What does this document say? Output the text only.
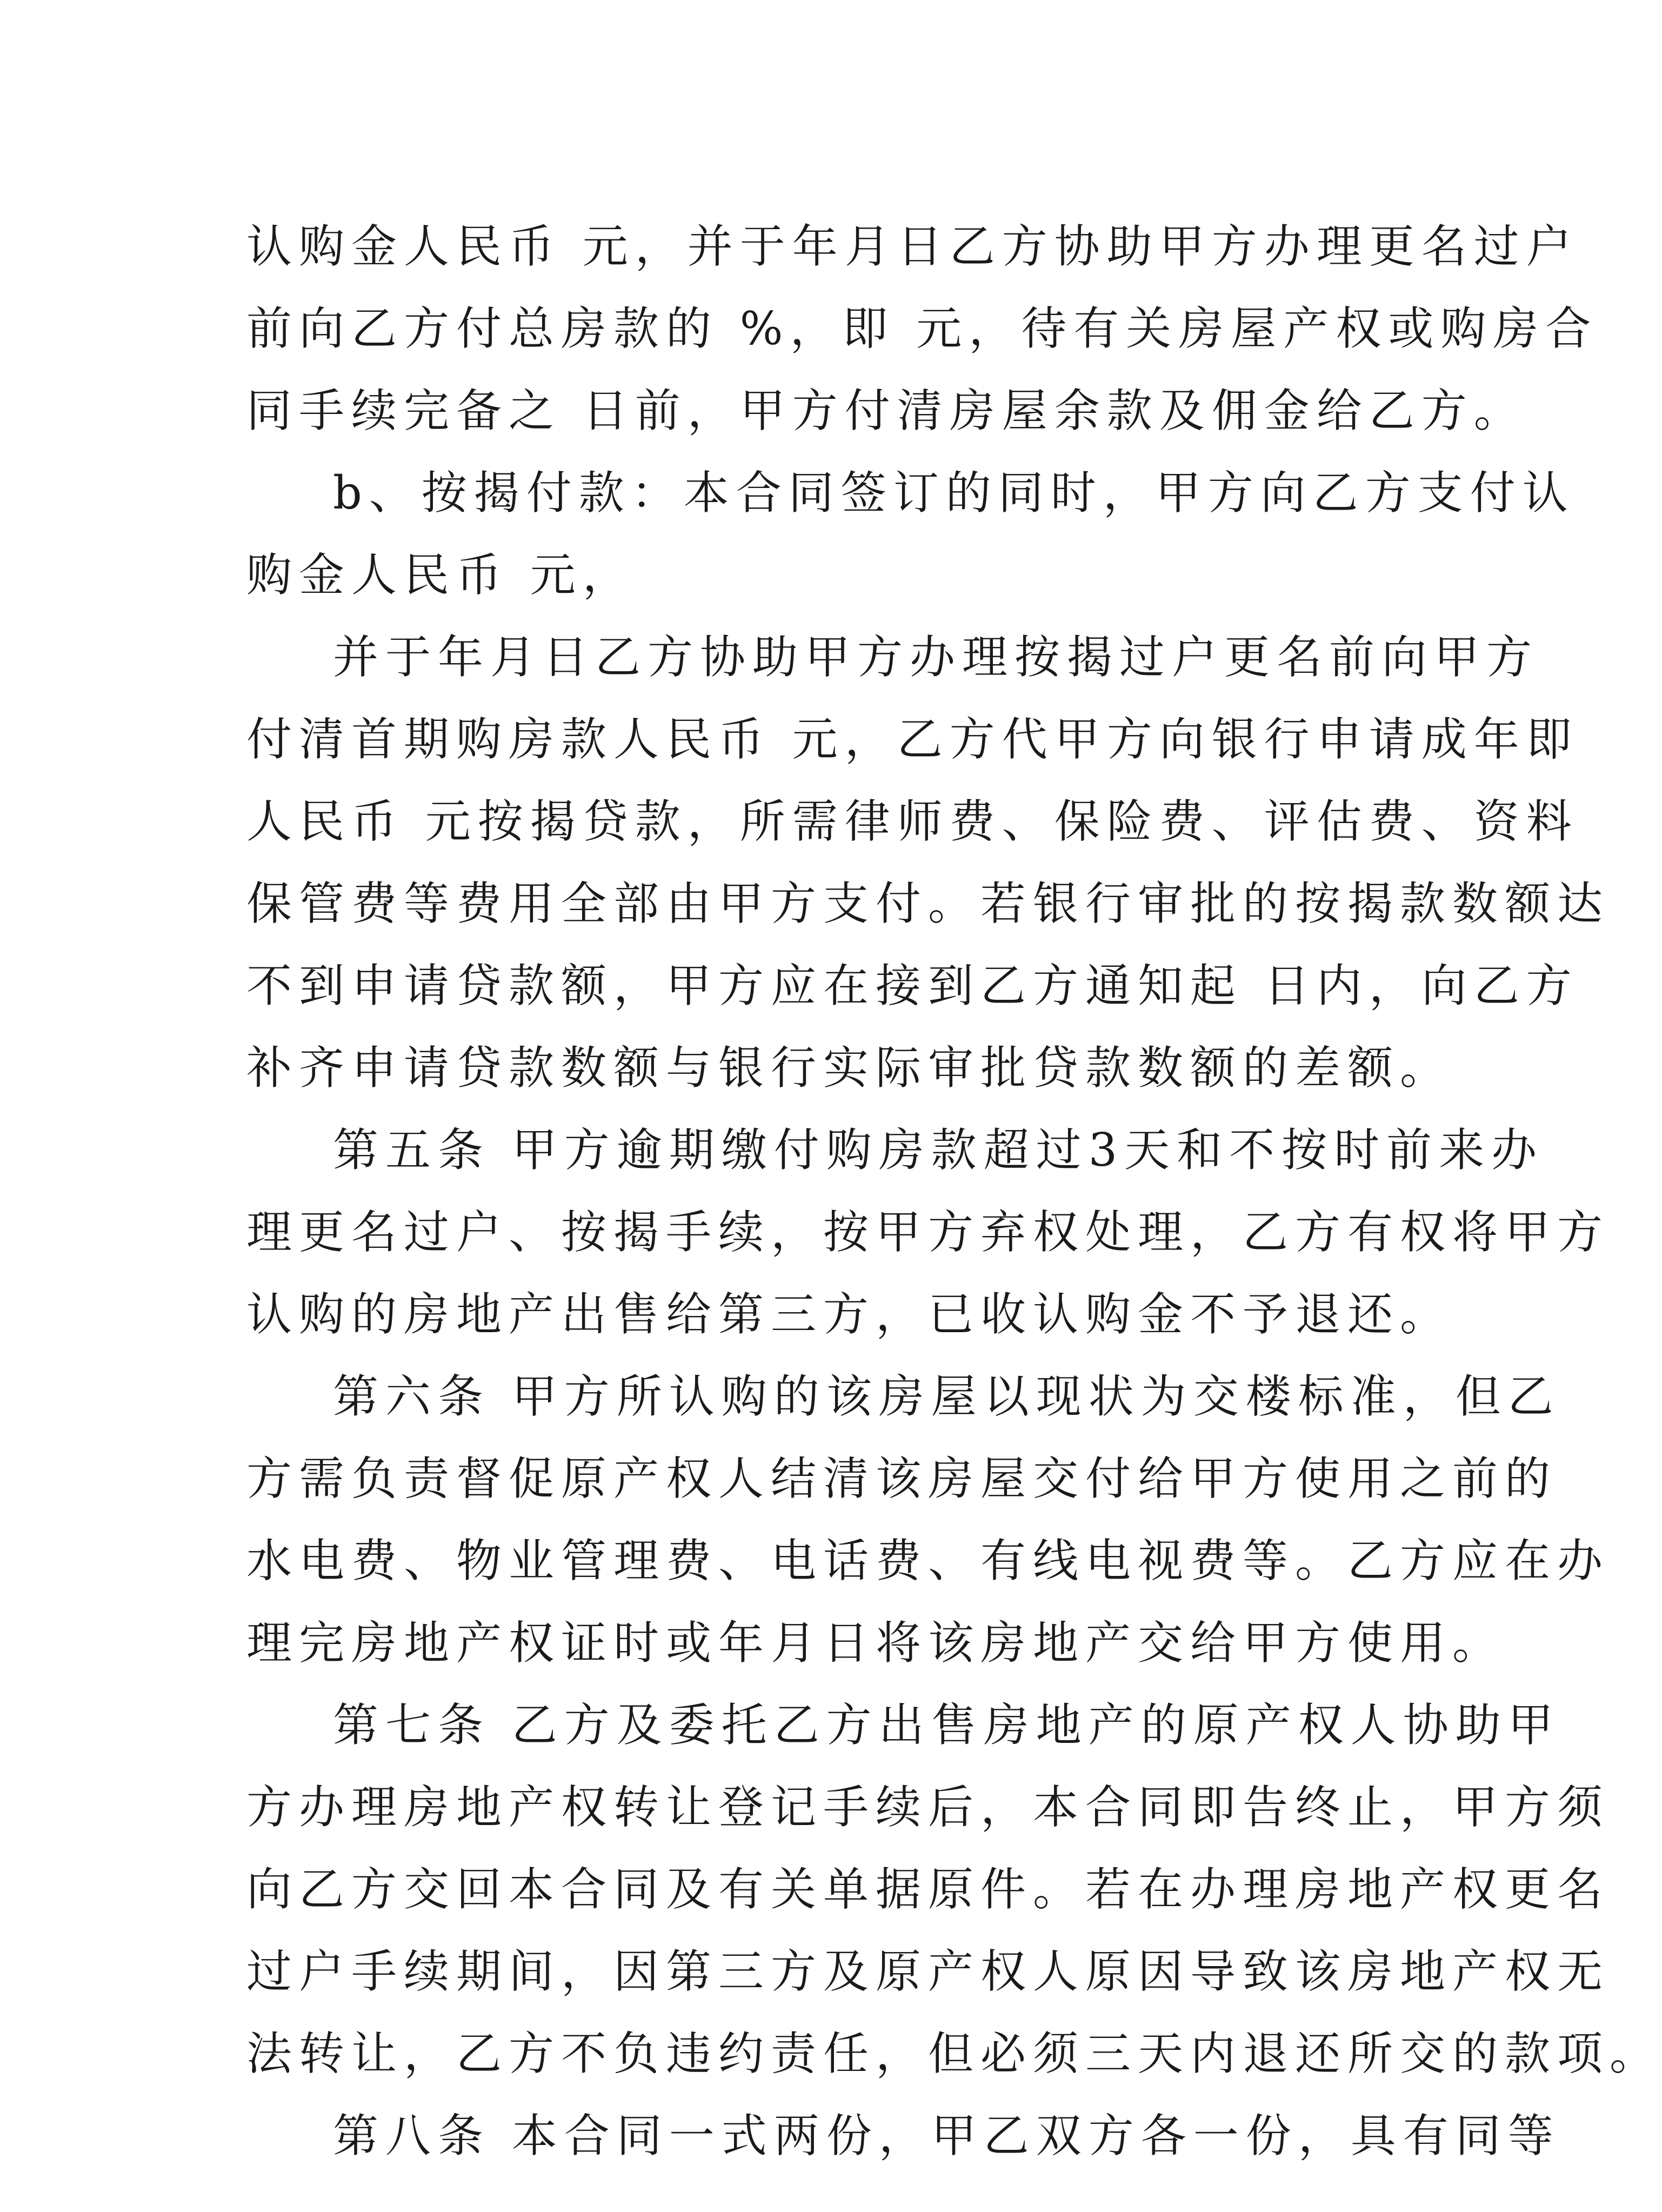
认购金人民币 元，并于年月日乙方协助甲方办理更名过户
前向乙方付总房款的 %，即 元，待有关房屋产权或购房合
同手续完备之 日前，甲方付清房屋余款及佣金给乙方。
b、按揭付款：本合同签订的同时，甲方向乙方支付认
购金人民币 元，
并于年月日乙方协助甲方办理按揭过户更名前向甲方
付清首期购房款人民币 元，乙方代甲方向银行申请成年即
人民币 元按揭贷款，所需律师费、保险费、评估费、资料
保管费等费用全部由甲方支付。若银行审批的按揭款数额达
不到申请贷款额，甲方应在接到乙方通知起 日内，向乙方
补齐申请贷款数额与银行实际审批贷款数额的差额。
第五条 甲方逾期缴付购房款超过3天和不按时前来办
理更名过户、按揭手续，按甲方弃权处理，乙方有权将甲方
认购的房地产出售给第三方，已收认购金不予退还。
第六条 甲方所认购的该房屋以现状为交楼标准，但乙
方需负责督促原产权人结清该房屋交付给甲方使用之前的
水电费、物业管理费、电话费、有线电视费等。乙方应在办
理完房地产权证时或年月日将该房地产交给甲方使用。
第七条 乙方及委托乙方出售房地产的原产权人协助甲
方办理房地产权转让登记手续后，本合同即告终止，甲方须
向乙方交回本合同及有关单据原件。若在办理房地产权更名
过户手续期间，因第三方及原产权人原因导致该房地产权无
法转让，乙方不负违约责任，但必须三天内退还所交的款项。
第八条 本合同一式两份，甲乙双方各一份，具有同等
